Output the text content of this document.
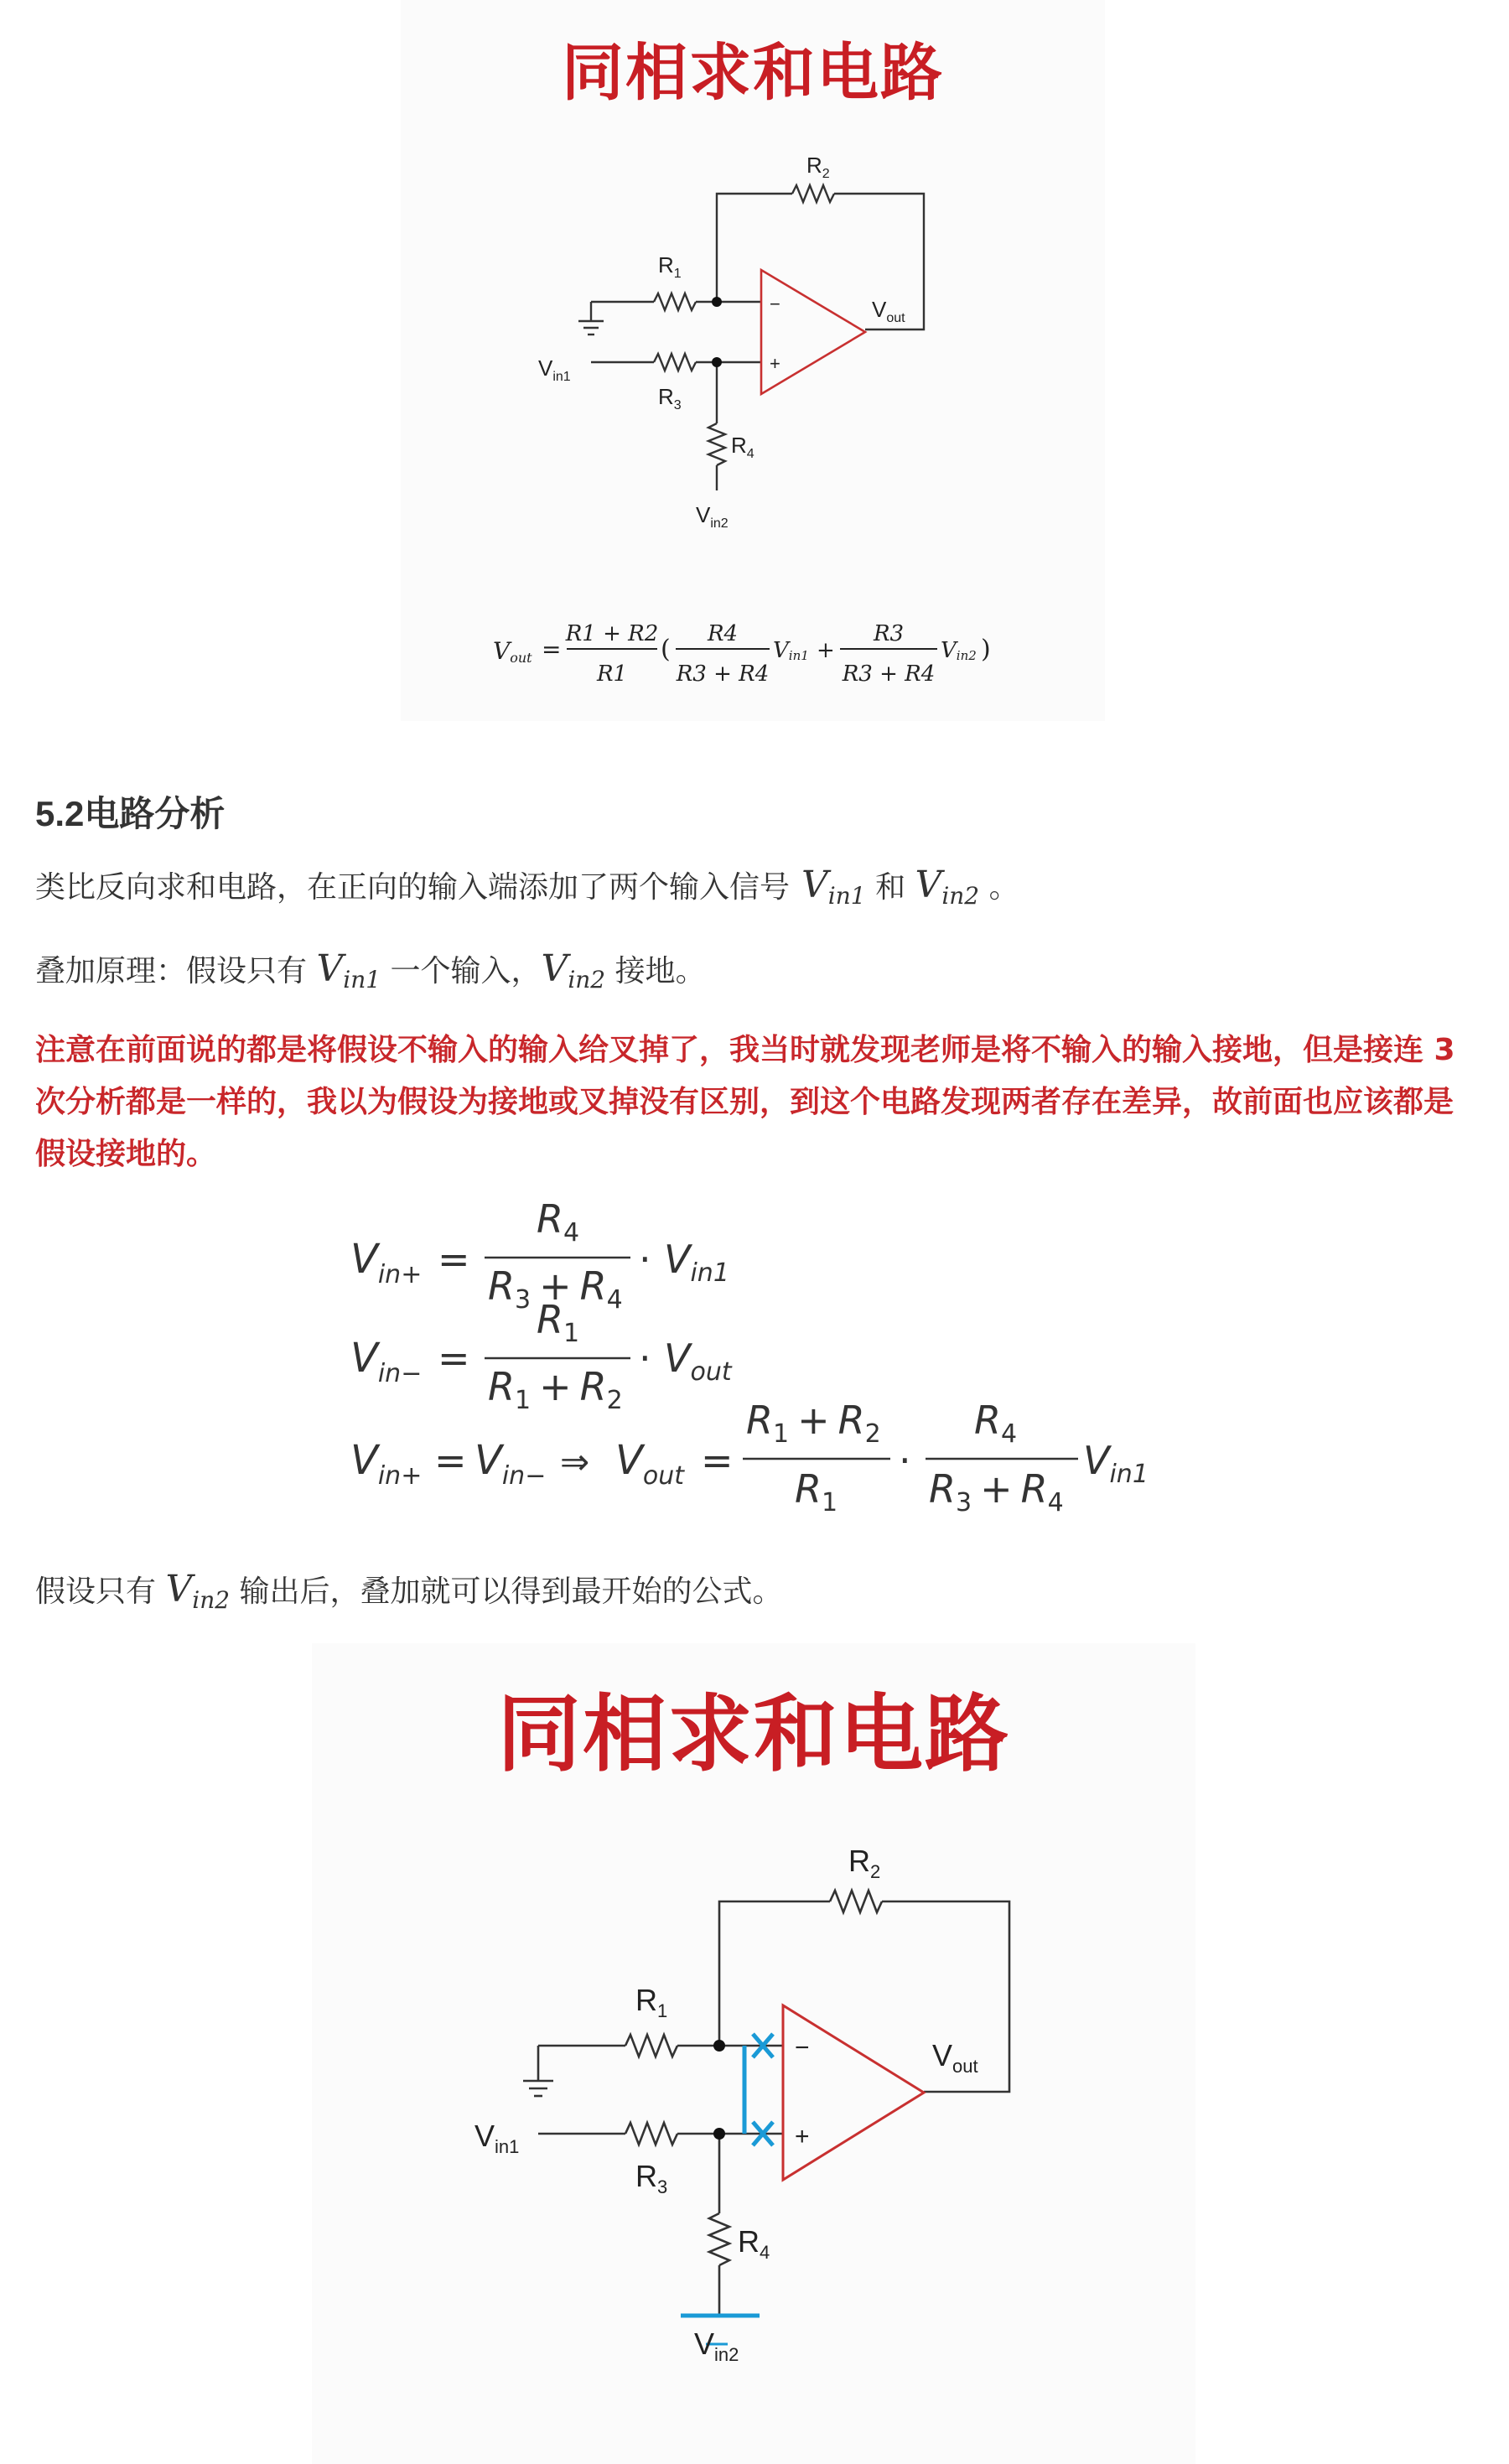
同相求和电路
−
+
$R_2$
$R_1$
$R_3$
$R_4$
$V_{out}$
$V_{in1}$
$V_{in2}$
Vout =
R1 + R2
R1
(
R4
R3 + R4
Vin1 +
R3
R3 + R4
Vin2 )
5.2电路分析
类比反向求和电路，在正向的输入端添加了两个输入信号 $V_{in1}$ 和 $V_{in2}$ 。
叠加原理：假设只有 $V_{in1}$ 一个输入，$V_{in2}$ 接地。
注意在前面说的都是将假设不输入的输入给叉掉了，我当时就发现老师是将不输入的输入接地，但是接连 3 次分析都是一样的，我以为假设为接地或叉掉没有区别，到这个电路发现两者存在差异，故前面也应该都是假设接地的。
$V_{in+}$ =
$R_4$
$R_3 + R_4$
· $V_{in1}$
$V_{in-}$ =
$R_1$
$R_1 + R_2$
· $V_{out}$
$V_{in+} = V_{in-}$ ⇒ $V_{out}$ =
$R_1 + R_2$
$R_1$
·
$R_4$
$R_3 + R_4$
$V_{in1}$
假设只有 $V_{in2}$ 输出后，叠加就可以得到最开始的公式。
同相求和电路
−
+
$R_2$
$R_1$
$R_3$
$R_4$
$V_{out}$
$V_{in1}$
$V_{in2}$
